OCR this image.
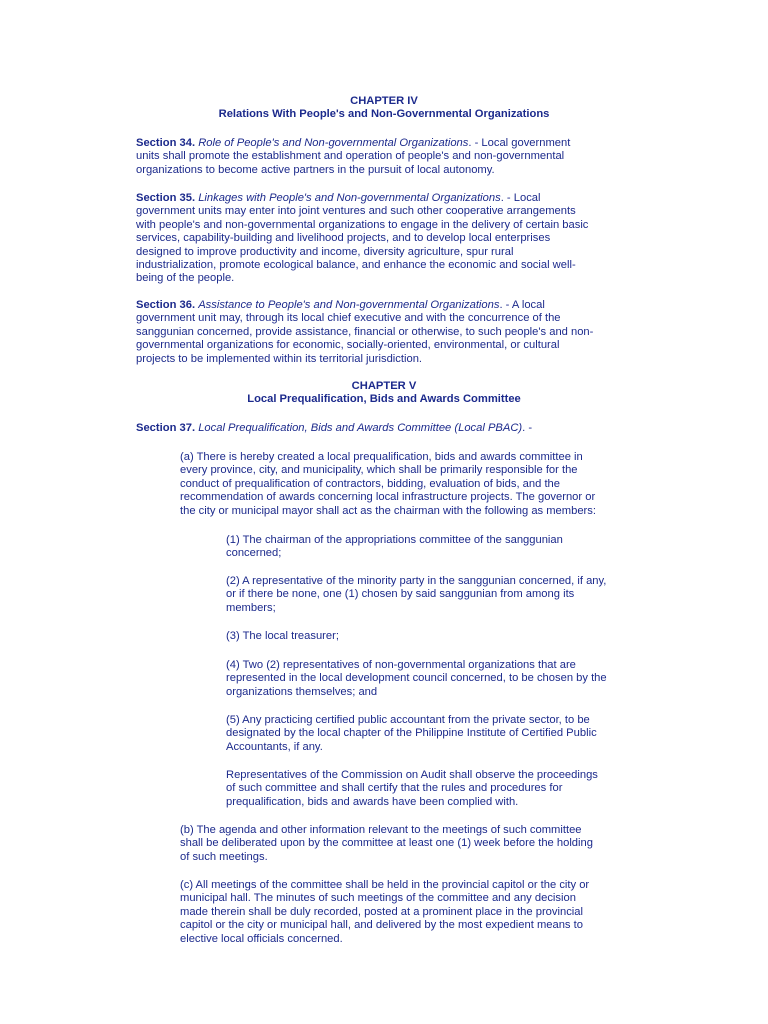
CHAPTER IV

Relations With People's and Non-Governmental Organizations

Section 34. Role of People's and Non-governmental Organizations. - Local government

units shall promote the establishment and operation of people's and non-governmental

organizations to become active partners in the pursuit of local autonomy.

Section 35. Linkages with People's and Non-governmental Organizations. - Local

government units may enter into joint ventures and such other cooperative arrangements

with people's and non-governmental organizations to engage in the delivery of certain basic

services, capability-building and livelihood projects, and to develop local enterprises

designed to improve productivity and income, diversity agriculture, spur rural

industrialization, promote ecological balance, and enhance the economic and social well-

being of the people.

Section 36. Assistance to People's and Non-governmental Organizations. - A local

government unit may, through its local chief executive and with the concurrence of the

sanggunian concerned, provide assistance, financial or otherwise, to such people's and non-

governmental organizations for economic, socially-oriented, environmental, or cultural

projects to be implemented within its territorial jurisdiction.

CHAPTER V

Local Prequalification, Bids and Awards Committee

Section 37. Local Prequalification, Bids and Awards Committee (Local PBAC). -

(a) There is hereby created a local prequalification, bids and awards committee in

every province, city, and municipality, which shall be primarily responsible for the

conduct of prequalification of contractors, bidding, evaluation of bids, and the

recommendation of awards concerning local infrastructure projects. The governor or

the city or municipal mayor shall act as the chairman with the following as members:

(1) The chairman of the appropriations committee of the sanggunian

concerned;

(2) A representative of the minority party in the sanggunian concerned, if any,

or if there be none, one (1) chosen by said sanggunian from among its

members;

(3) The local treasurer;

(4) Two (2) representatives of non-governmental organizations that are

represented in the local development council concerned, to be chosen by the

organizations themselves; and

(5) Any practicing certified public accountant from the private sector, to be

designated by the local chapter of the Philippine Institute of Certified Public

Accountants, if any.

Representatives of the Commission on Audit shall observe the proceedings

of such committee and shall certify that the rules and procedures for

prequalification, bids and awards have been complied with.

(b) The agenda and other information relevant to the meetings of such committee

shall be deliberated upon by the committee at least one (1) week before the holding

of such meetings.

(c) All meetings of the committee shall be held in the provincial capitol or the city or

municipal hall. The minutes of such meetings of the committee and any decision

made therein shall be duly recorded, posted at a prominent place in the provincial

capitol or the city or municipal hall, and delivered by the most expedient means to

elective local officials concerned.
